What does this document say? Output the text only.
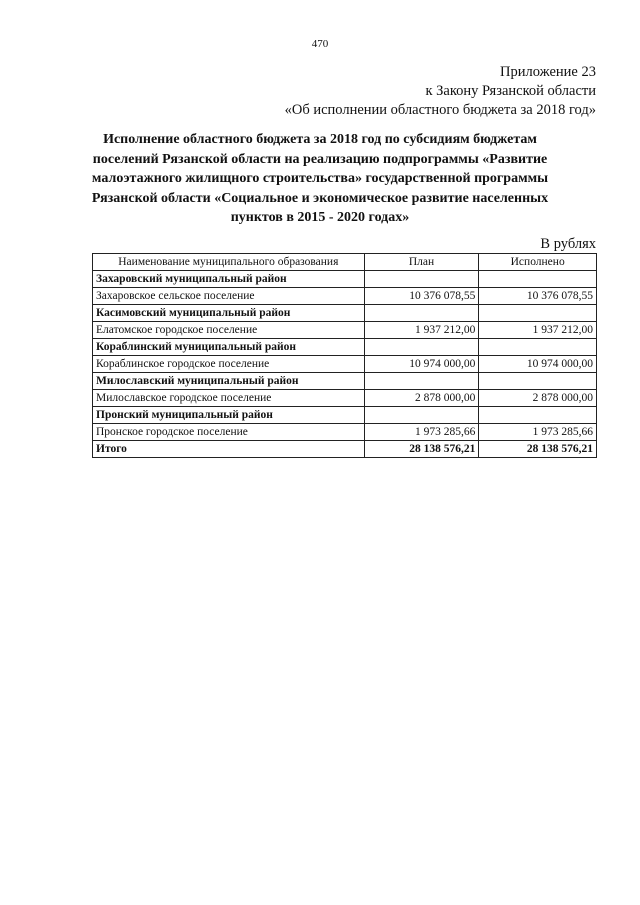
470
Приложение 23
к Закону Рязанской области
«Об исполнении областного бюджета за 2018 год»
Исполнение областного бюджета за 2018 год по субсидиям бюджетам
поселений Рязанской области на реализацию подпрограммы «Развитие
малоэтажного жилищного строительства» государственной программы
Рязанской области «Социальное и экономическое развитие населенных
пунктов в 2015 - 2020 годах»
В рублях
Наименование муниципального образования	План	Исполнено
Захаровский муниципальный район		
Захаровское сельское поселение	10 376 078,55	10 376 078,55
Касимовский муниципальный район		
Елатомское городское поселение	1 937 212,00	1 937 212,00
Кораблинский муниципальный район		
Кораблинское городское поселение	10 974 000,00	10 974 000,00
Милославский муниципальный район		
Милославское городское поселение	2 878 000,00	2 878 000,00
Пронский муниципальный район		
Пронское городское поселение	1 973 285,66	1 973 285,66
Итого	28 138 576,21	28 138 576,21
